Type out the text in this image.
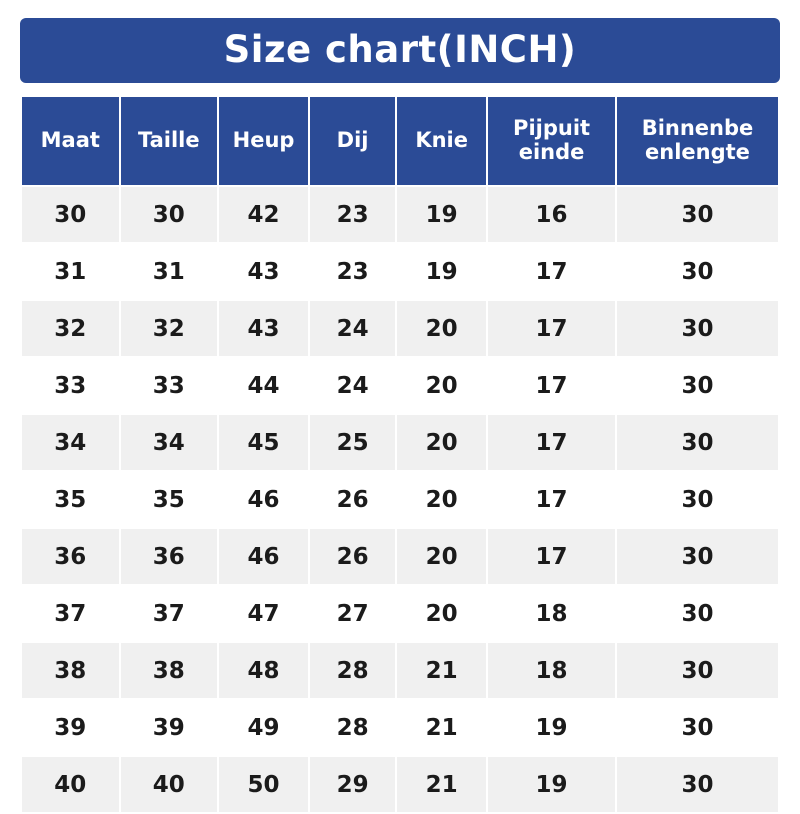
Size chart(INCH)
Maat	Taille	Heup	Dij	Knie	Pijpuit einde	Binnenbe enlengte
30	30	42	23	19	16	30
31	31	43	23	19	17	30
32	32	43	24	20	17	30
33	33	44	24	20	17	30
34	34	45	25	20	17	30
35	35	46	26	20	17	30
36	36	46	26	20	17	30
37	37	47	27	20	18	30
38	38	48	28	21	18	30
39	39	49	28	21	19	30
40	40	50	29	21	19	30
